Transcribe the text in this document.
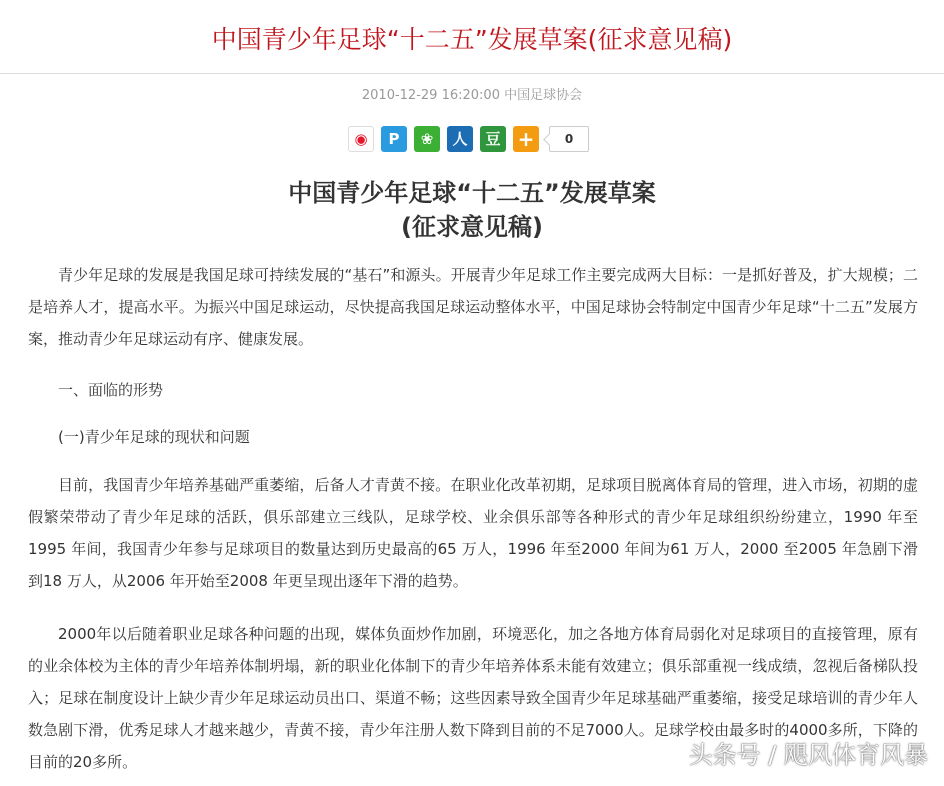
中国青少年足球“十二五”发展草案(征求意见稿)
2010-12-29 16:20:00 中国足球协会
◉	P	❀	人	豆 +	0
中国青少年足球“十二五”发展草案
(征求意见稿)

青少年足球的发展是我国足球可持续发展的“基石”和源头。开展青少年足球工作主要完成两大目标：一是抓好普及，扩大规模；二是培养人才，提高水平。为振兴中国足球运动，尽快提高我国足球运动整体水平，中国足球协会特制定中国青少年足球“十二五”发展方案，推动青少年足球运动有序、健康发展。

一、面临的形势

(一)青少年足球的现状和问题

目前，我国青少年培养基础严重萎缩，后备人才青黄不接。在职业化改革初期，足球项目脱离体育局的管理，进入市场，初期的虚假繁荣带动了青少年足球的活跃，俱乐部建立三线队，足球学校、业余俱乐部等各种形式的青少年足球组织纷纷建立，1990 年至1995 年间，我国青少年参与足球项目的数量达到历史最高的65 万人，1996 年至2000 年间为61 万人，2000 至2005 年急剧下滑到18 万人，从2006 年开始至2008 年更呈现出逐年下滑的趋势。

2000年以后随着职业足球各种问题的出现，媒体负面炒作加剧，环境恶化，加之各地方体育局弱化对足球项目的直接管理，原有的业余体校为主体的青少年培养体制坍塌，新的职业化体制下的青少年培养体系未能有效建立；俱乐部重视一线成绩，忽视后备梯队投入；足球在制度设计上缺少青少年足球运动员出口、渠道不畅；这些因素导致全国青少年足球基础严重萎缩，接受足球培训的青少年人数急剧下滑，优秀足球人才越来越少，青黄不接，青少年注册人数下降到目前的不足7000人。足球学校由最多时的4000多所，下降的目前的20多所。	头条号 / 飓风体育风暴
